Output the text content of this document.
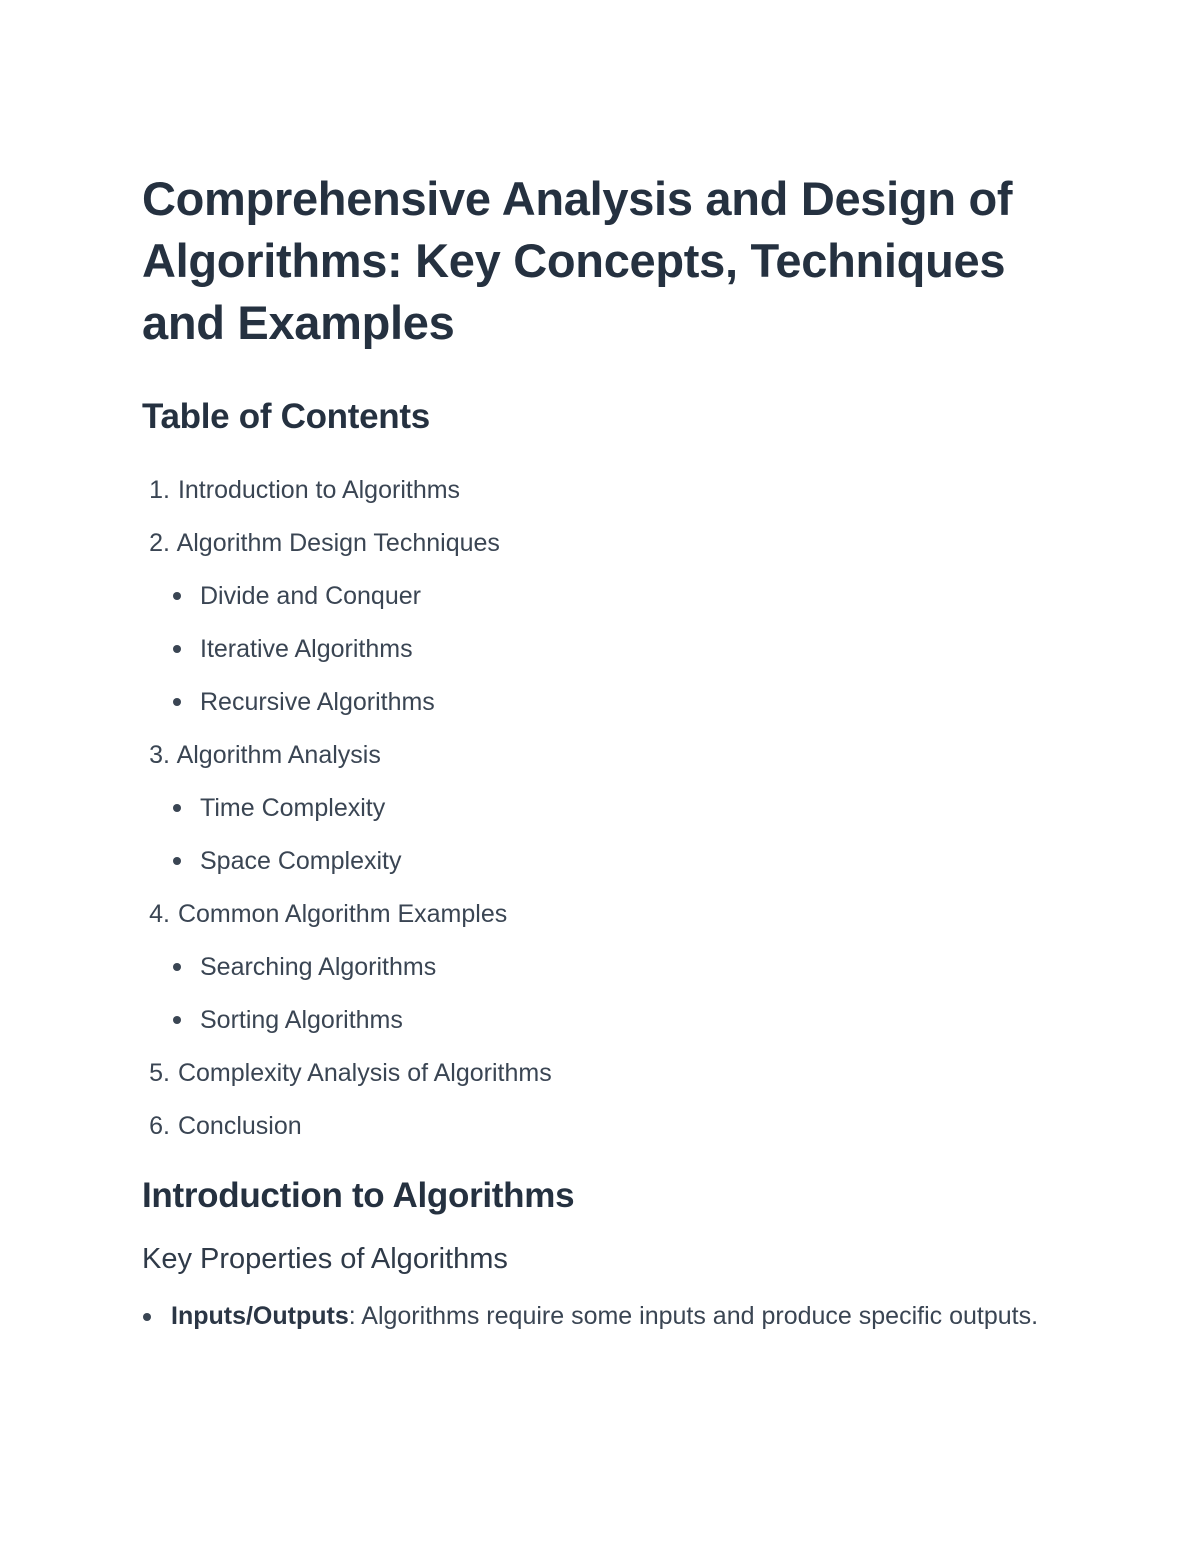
Comprehensive Analysis and Design of Algorithms: Key Concepts, Techniques and Examples
Table of Contents
1. Introduction to Algorithms
2. Algorithm Design Techniques
Divide and Conquer
Iterative Algorithms
Recursive Algorithms
3. Algorithm Analysis
Time Complexity
Space Complexity
4. Common Algorithm Examples
Searching Algorithms
Sorting Algorithms
5. Complexity Analysis of Algorithms
6. Conclusion
Introduction to Algorithms
Key Properties of Algorithms
Inputs/Outputs: Algorithms require some inputs and produce specific outputs.
